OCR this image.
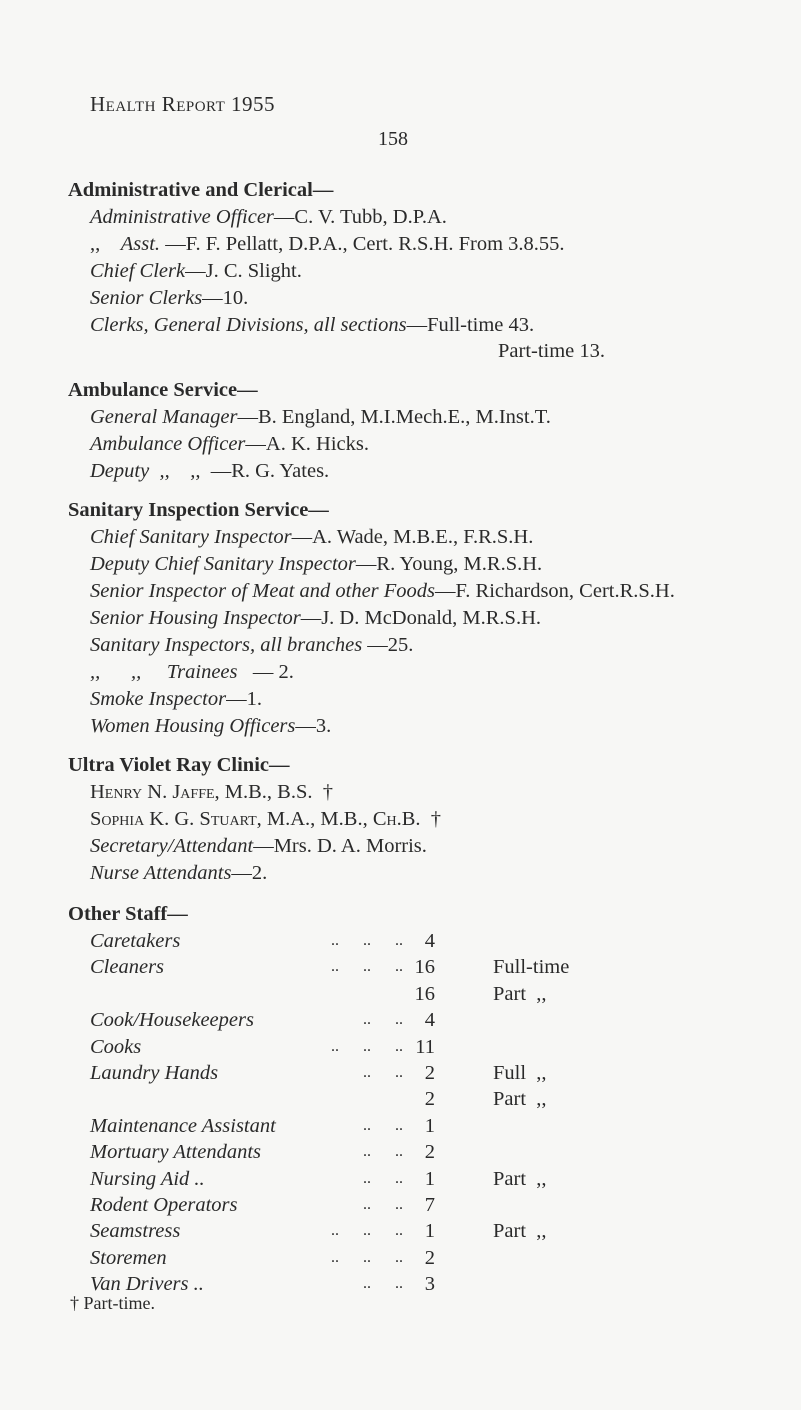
Health Report 1955
158
Administrative and Clerical—
Administrative Officer—C. V. Tubb, D.P.A.
,, Asst. —F. F. Pellatt, D.P.A., Cert. R.S.H. From 3.8.55.
Chief Clerk—J. C. Slight.
Senior Clerks—10.
Clerks, General Divisions, all sections—Full-time 43.
Part-time 13.
Ambulance Service—
General Manager—B. England, M.I.Mech.E., M.Inst.T.
Ambulance Officer—A. K. Hicks.
Deputy  ,,    ,,  —R. G. Yates.
Sanitary Inspection Service—
Chief Sanitary Inspector—A. Wade, M.B.E., F.R.S.H.
Deputy Chief Sanitary Inspector—R. Young, M.R.S.H.
Senior Inspector of Meat and other Foods—F. Richardson, Cert.R.S.H.
Senior Housing Inspector—J. D. McDonald, M.R.S.H.
Sanitary Inspectors, all branches —25.
,,      ,,     Trainees   — 2.
Smoke Inspector—1.
Women Housing Officers—3.
Ultra Violet Ray Clinic—
Henry N. Jaffe, M.B., B.S.  †
Sophia K. G. Stuart, M.A., M.B., Ch.B.  †
Secretary/Attendant—Mrs. D. A. Morris.
Nurse Attendants—2.
Other Staff—
Caretakers	..      ..      ..	4
Cleaners	..      ..      .. 16	Full-time
16	Part  ,,
Cook/Housekeepers	..      ..	4
Cooks	..      ..      .. 11
Laundry Hands	..      ..	2	Full  ,,
2	Part  ,,
Maintenance Assistant	..      ..	1
Mortuary Attendants	..      ..	2
Nursing Aid ..	..      ..	1	Part  ,,
Rodent Operators	..      ..	7
Seamstress	..      ..      ..	1	Part  ,,
Storemen	..      ..      ..	2
Van Drivers ..	..      ..	3
† Part-time.
